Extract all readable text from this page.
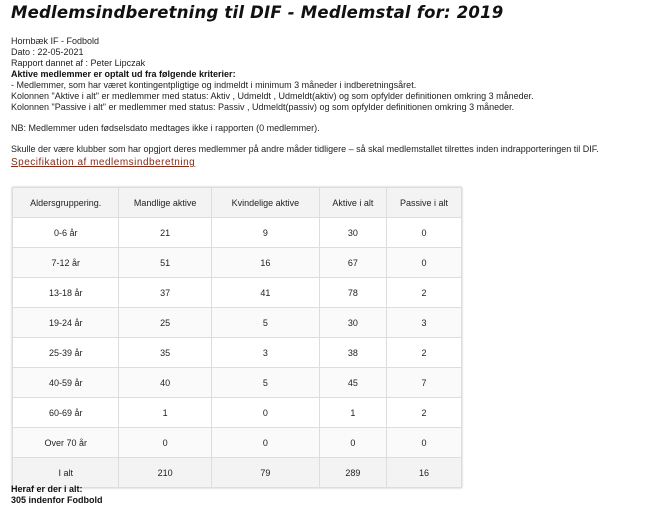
Medlemsindberetning til DIF - Medlemstal for: 2019
Hornbæk IF - Fodbold
Dato : 22-05-2021
Rapport dannet af : Peter Lipczak
Aktive medlemmer er optalt ud fra følgende kriterier:
- Medlemmer, som har været kontingentpligtige og indmeldt i minimum 3 måneder i indberetningsåret.
Kolonnen "Aktive i alt" er medlemmer med status: Aktiv , Udmeldt , Udmeldt(aktiv) og som opfylder definitionen omkring 3 måneder.
Kolonnen "Passive i alt" er medlemmer med status: Passiv , Udmeldt(passiv) og som opfylder definitionen omkring 3 måneder.
NB: Medlemmer uden fødselsdato medtages ikke i rapporten (0 medlemmer).
Skulle der være klubber som har opgjort deres medlemmer på andre måder tidligere – så skal medlemstallet tilrettes inden indrapporteringen til DIF.
Specifikation af medlemsindberetning
Aldersgruppering.	Mandlige aktive	Kvindelige aktive	Aktive i alt	Passive i alt
0-6 år	21	9	30	0
7-12 år	51	16	67	0
13-18 år	37	41	78	2
19-24 år	25	5	30	3
25-39 år	35	3	38	2
40-59 år	40	5	45	7
60-69 år	1	0	1	2
Over 70 år	0	0	0	0
I alt	210	79	289	16
Heraf er der i alt:
305 indenfor Fodbold
